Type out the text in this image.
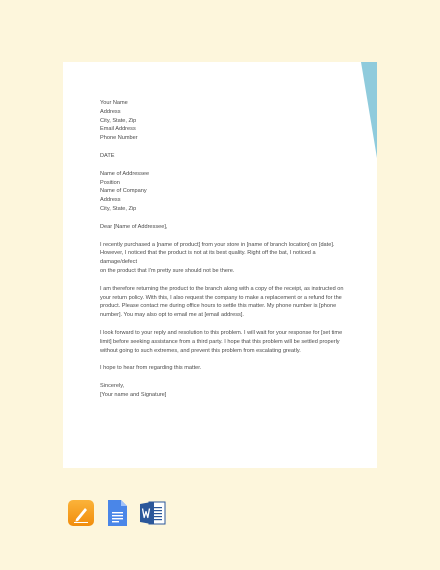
Your Name

Address

City, State, Zip

Email Address

Phone Number

DATE

Name of Addressee

Position

Name of Company

Address

City, State, Zip

Dear [Name of Addressee],

I recently purchased a [name of product] from your store in [name of branch location] on [date].

However, I noticed that the product is not at its best quality. Right off the bat, I noticed a damage/defect

on the product that I'm pretty sure should not be there.

I am therefore returning the product to the branch along with a copy of the receipt, as instructed on

your return policy. With this, I also request the company to make a replacement or a refund for the

product. Please contact me during office hours to settle this matter. My phone number is [phone

number]. You may also opt to email me at [email address].

I look forward to your reply and resolution to this problem. I will wait for your response for [set time

limit] before seeking assistance from a third party. I hope that this problem will be settled properly

without going to such extremes, and prevent this problem from escalating greatly.

I hope to hear from regarding this matter.

Sincerely,

[Your name and Signature]
